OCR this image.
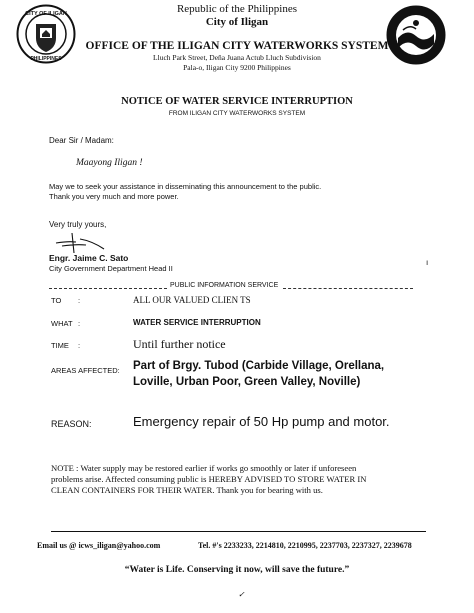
CITY OF ILIGAN
PHILIPPINES
Republic of the Philippines
City of Iligan
OFFICE OF THE ILIGAN CITY WATERWORKS SYSTEM
Lluch Park Street, Deña Juana Actub Lluch Subdivision
Pala-o, Iligan City 9200 Philippines
NOTICE OF WATER SERVICE INTERRUPTION
FROM ILIGAN CITY WATERWORKS SYSTEM
Dear Sir / Madam:
Maayong Iligan !
May we to seek your assistance in disseminating this announcement to the public.
Thank you very much and more power.
Very truly yours,
Engr. Jaime C. Sato
City Government Department Head II
ı
PUBLIC INFORMATION SERVICE
TO :	ALL OUR VALUED CLIEN TS
WHAT :	WATER SERVICE INTERRUPTION
TIME :	Until further notice
AREAS AFFECTED: Part of Brgy. Tubod (Carbide Village, Orellana,
Loville, Urban Poor, Green Valley, Noville)
REASON:	Emergency repair of 50 Hp pump and motor.
NOTE : Water supply may be restored earlier if works go smoothly or later if unforeseen
problems arise. Affected consuming public is HEREBY ADVISED TO STORE WATER IN
CLEAN CONTAINERS FOR THEIR WATER. Thank you for bearing with us.
Email us @ icws_iligan@yahoo.com	Tel. #'s 2233233, 2214810, 2210995, 2237703, 2237327, 2239678
“Water is Life. Conserving it now, will save the future.”
✓
